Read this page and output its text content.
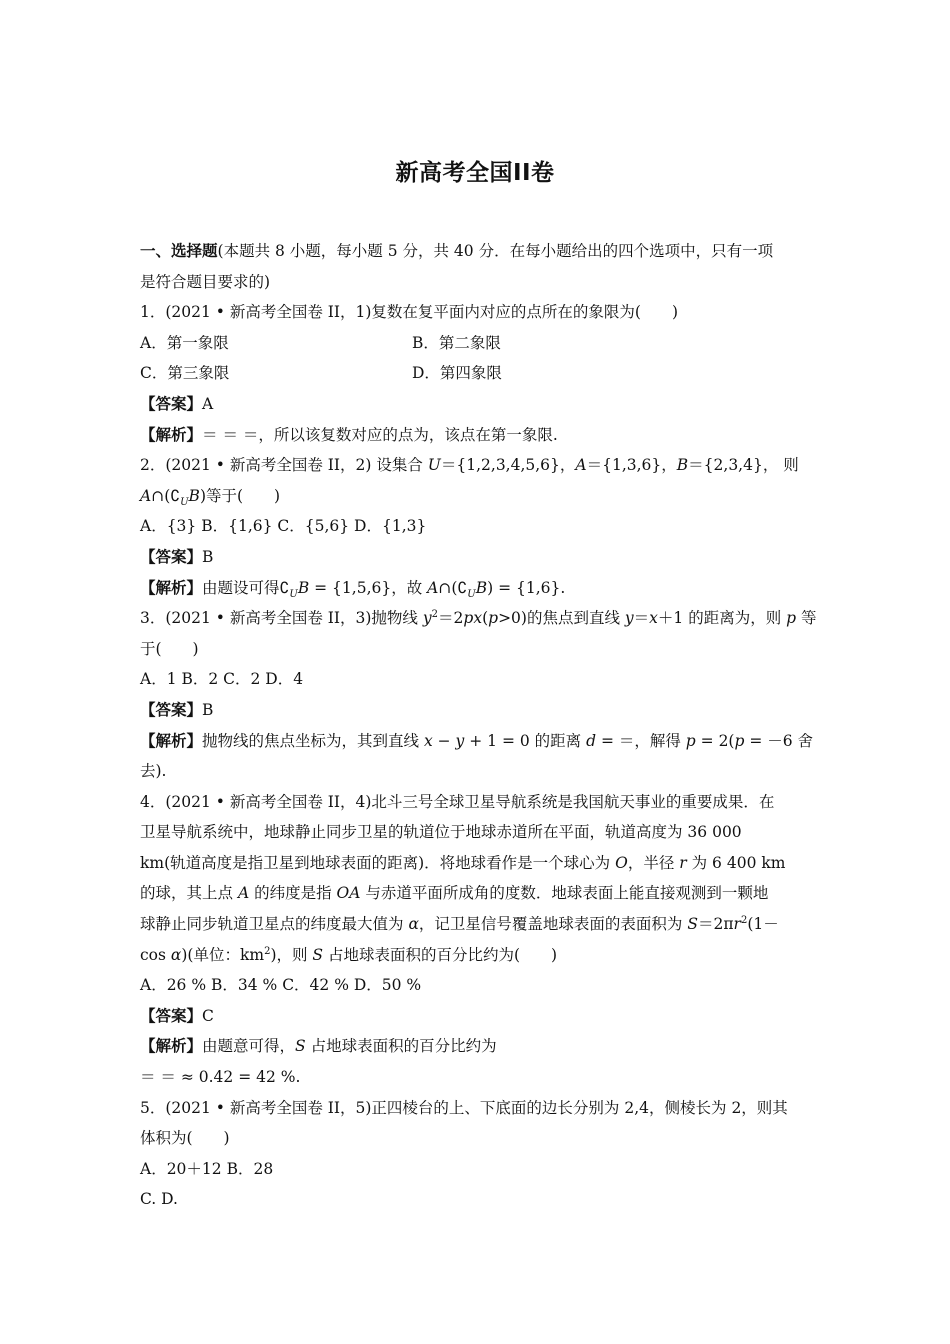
新高考全国II卷
一、选择题(本题共 8 小题，每小题 5 分，共 40 分．在每小题给出的四个选项中，只有一项
是符合题目要求的)
1．(2021 • 新高考全国卷 II，1)复数在复平面内对应的点所在的象限为(　　)
A．第一象限	B．第二象限
C．第三象限	D．第四象限
【答案】A
【解析】＝ ＝ ＝，所以该复数对应的点为，该点在第一象限.
2．(2021 • 新高考全国卷 II，2) 设集合 U＝{1,2,3,4,5,6}，A＝{1,3,6}，B＝{2,3,4}， 则
$A\cap(∁_UB)$等于(　　)
A．{3} B．{1,6} C．{5,6} D．{1,3}
【答案】B
【解析】由题设可得$∁_UB = \{1,5,6\}$，故 $A\cap(∁_UB) = \{1,6\}$.
3．(2021 • 新高考全国卷 II，3)抛物线 $y^2=2px(p>0)$的焦点到直线 y＝x＋1 的距离为，则 p 等
于(　　)
A．1 B．2 C．2 D．4
【答案】B
【解析】抛物线的焦点坐标为，其到直线 x − y + 1 = 0 的距离 d = ＝，解得 p = 2(p = －6 舍
去).
4．(2021 • 新高考全国卷 II，4)北斗三号全球卫星导航系统是我国航天事业的重要成果．在
卫星导航系统中，地球静止同步卫星的轨道位于地球赤道所在平面，轨道高度为 36 000
km(轨道高度是指卫星到地球表面的距离)．将地球看作是一个球心为 O，半径 r 为 6 400 km
的球，其上点 A 的纬度是指 OA 与赤道平面所成角的度数．地球表面上能直接观测到一颗地
球静止同步轨道卫星点的纬度最大值为 α，记卫星信号覆盖地球表面的表面积为 $S=2\pi r^2(1-$
cos α)(单位：$km^2$)，则 S 占地球表面积的百分比约为(　　)
A．26 % B．34 % C．42 % D．50 %
【答案】C
【解析】由题意可得，S 占地球表面积的百分比约为
＝ ＝ ≈ 0.42 = 42 %.
5．(2021 • 新高考全国卷 II，5)正四棱台的上、下底面的边长分别为 2,4，侧棱长为 2，则其
体积为(　　)
A．20＋12 B．28
C. D.
